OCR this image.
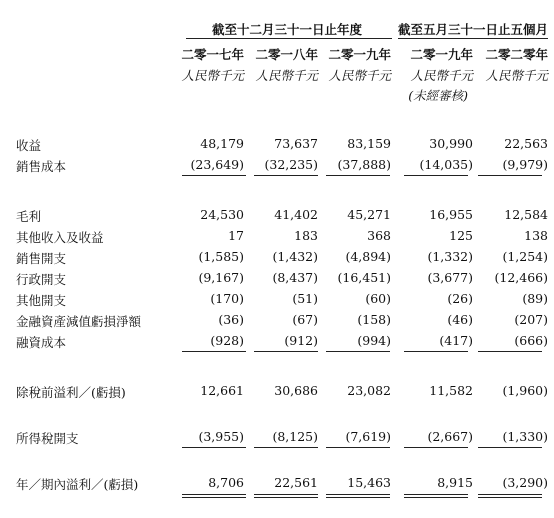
截至十二月三十一日止年度	截至五月三十一日止五個月
二零一七年 二零一八年 二零一九年 二零一九年 二零二零年
人民幣千元 人民幣千元 人民幣千元 人民幣千元 人民幣千元
(未經審核)
收益	48,179 73,637 83,159	30,990	22,563
銷售成本	(23,649) (32,235) (37,888) (14,035) (9,979)
毛利	24,530 41,402 45,271	16,955	12,584
其他收入及收益	17	183	368	125	138
銷售開支	(1,585) (1,432) (4,894)	(1,332) (1,254)
行政開支	(9,167) (8,437) (16,451)	(3,677) (12,466)
其他開支	(170)	(51)	(60)	(26)	(89)
金融資產減值虧損淨額	(36)	(67)	(158)	(46)	(207)
融資成本	(928)	(912)	(994)	(417)	(666)
除稅前溢利／(虧損)	12,661 30,686 23,082	11,582 (1,960)
所得稅開支	(3,955) (8,125) (7,619)	(2,667) (1,330)
年／期內溢利／(虧損)	8,706 22,561 15,463	8,915 (3,290)
